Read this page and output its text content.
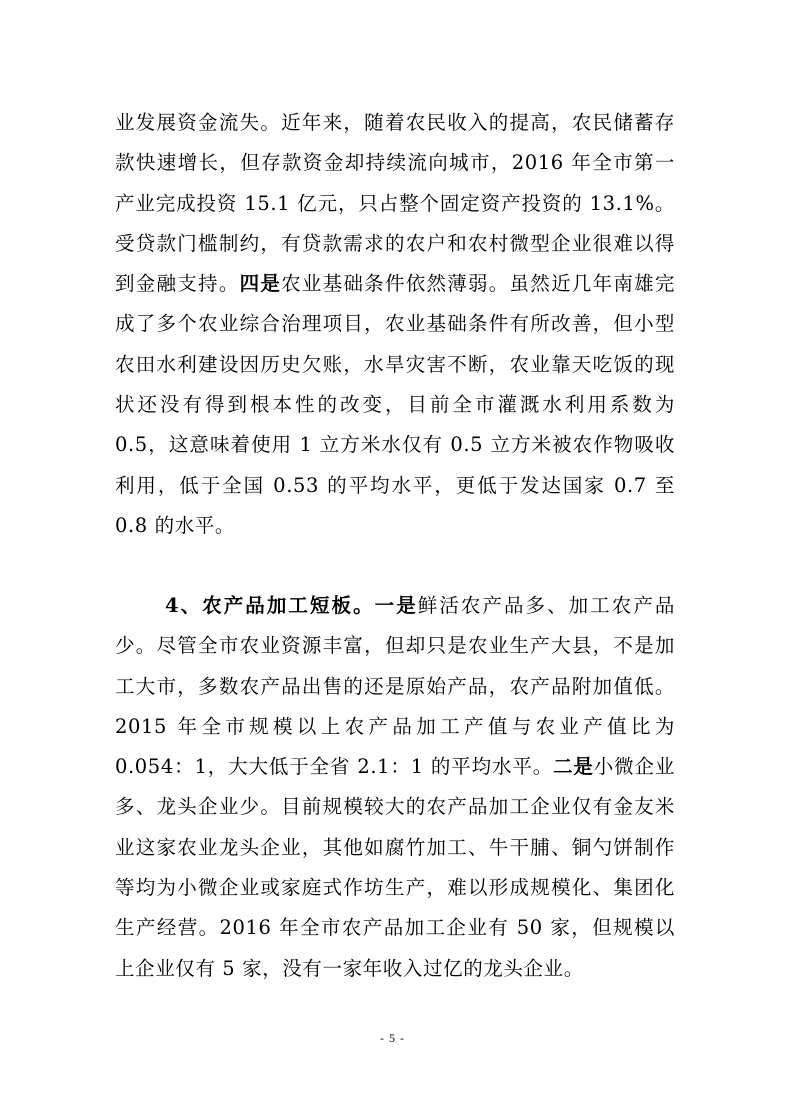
业发展资金流失。近年来，随着农民收入的提高，农民储蓄存款快速增长，但存款资金却持续流向城市，2016 年全市第一产业完成投资 15.1 亿元，只占整个固定资产投资的 13.1%。受贷款门槛制约，有贷款需求的农户和农村微型企业很难以得到金融支持。四是农业基础条件依然薄弱。虽然近几年南雄完成了多个农业综合治理项目，农业基础条件有所改善，但小型农田水利建设因历史欠账，水旱灾害不断，农业靠天吃饭的现状还没有得到根本性的改变，目前全市灌溉水利用系数为 0.5，这意味着使用 1 立方米水仅有 0.5 立方米被农作物吸收利用，低于全国 0.53 的平均水平，更低于发达国家 0.7 至 0.8 的水平。

4、农产品加工短板。一是鲜活农产品多、加工农产品少。尽管全市农业资源丰富，但却只是农业生产大县，不是加工大市，多数农产品出售的还是原始产品，农产品附加值低。2015 年全市规模以上农产品加工产值与农业产值比为 0.054：1，大大低于全省 2.1：1 的平均水平。二是小微企业多、龙头企业少。目前规模较大的农产品加工企业仅有金友米业这家农业龙头企业，其他如腐竹加工、牛干脯、铜勺饼制作等均为小微企业或家庭式作坊生产，难以形成规模化、集团化生产经营。2016 年全市农产品加工企业有 50 家，但规模以上企业仅有 5 家，没有一家年收入过亿的龙头企业。

- 5 -
